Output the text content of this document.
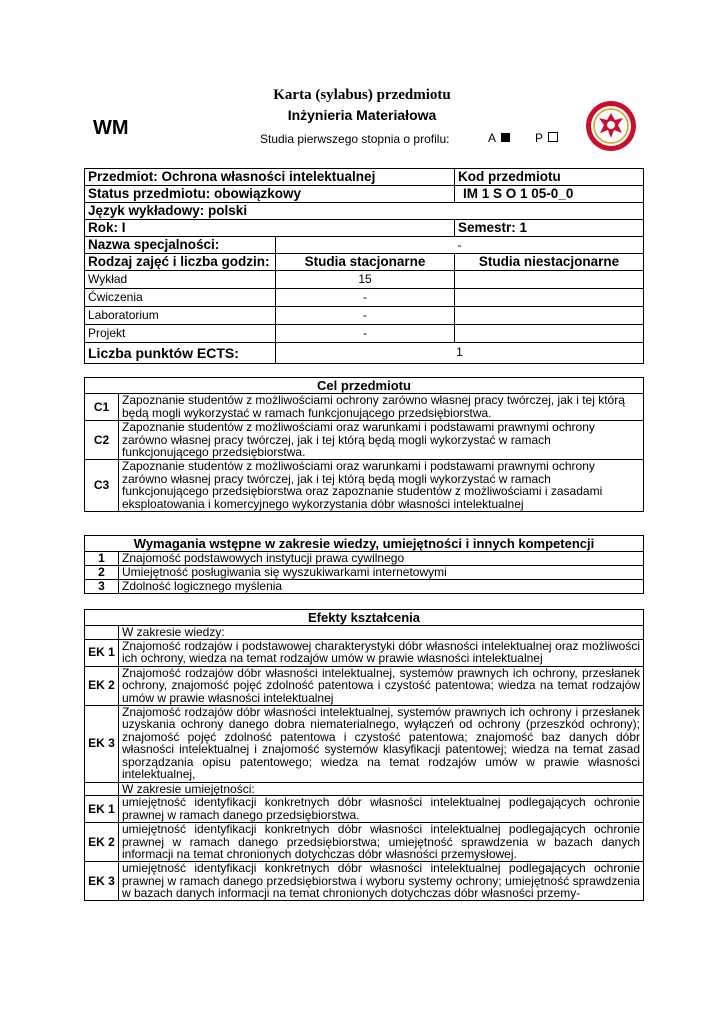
WM
Karta (sylabus) przedmiotu
Inżynieria Materiałowa
Studia pierwszego stopnia o profilu:	A	P
Przedmiot: Ochrona własności intelektualnej		Kod przedmiotu
Status przedmiotu: obowiązkowy		IM 1 S O 1 05-0_0
Język wykładowy: polski		
Rok: I		Semestr: 1
Nazwa specjalności:	-	
Rodzaj zajęć i liczba godzin:	Studia stacjonarne	Studia niestacjonarne
Wykład	15	
Ćwiczenia	-	
Laboratorium	-	
Projekt	-	
Liczba punktów ECTS:	1	
Cel przedmiotu	
C1	Zapoznanie studentów z możliwościami ochrony zarówno własnej pracy twórczej, jak i tej którą będą mogli wykorzystać w ramach funkcjonującego przedsiębiorstwa.
C2	Zapoznanie studentów z możliwościami oraz warunkami i podstawami prawnymi ochrony zarówno własnej pracy twórczej, jak i tej którą będą mogli wykorzystać w ramach funkcjonującego przedsiębiorstwa.
C3	Zapoznanie studentów z możliwościami oraz warunkami i podstawami prawnymi ochrony zarówno własnej pracy twórczej, jak i tej którą będą mogli wykorzystać w ramach funkcjonującego przedsiębiorstwa oraz zapoznanie studentów z możliwościami i zasadami eksploatowania i komercyjnego wykorzystania dóbr własności intelektualnej
Wymagania wstępne w zakresie wiedzy, umiejętności i innych kompetencji	
1	Znajomość podstawowych instytucji prawa cywilnego
2	Umiejętność posługiwania się wyszukiwarkami internetowymi
3	Zdolność logicznego myślenia
Efekty kształcenia	
	W zakresie wiedzy:
EK 1	Znajomość rodzajów i podstawowej charakterystyki dóbr własności intelektualnej oraz możliwości ich ochrony, wiedza na temat rodzajów umów w prawie własności intelektualnej
EK 2	Znajomość rodzajów dóbr własności intelektualnej, systemów prawnych ich ochrony, przesłanek ochrony, znajomość pojęć zdolność patentowa i czystość patentowa; wiedza na temat rodzajów umów w prawie własności intelektualnej
EK 3	Znajomość rodzajów dóbr własności intelektualnej, systemów prawnych ich ochrony i przesłanek uzyskania ochrony danego dobra niematerialnego, wyłączeń od ochrony (przeszkód ochrony); znajomość pojęć zdolność patentowa i czystość patentowa; znajomość baz danych dóbr własności intelektualnej i znajomość systemów klasyfikacji patentowej; wiedza na temat zasad sporządzania opisu patentowego; wiedza na temat rodzajów umów w prawie własności intelektualnej,
	W zakresie umiejętności:
EK 1	umiejętność identyfikacji konkretnych dóbr własności intelektualnej podlegających ochronie prawnej w ramach danego przedsiębiorstwa.
EK 2	umiejętność identyfikacji konkretnych dóbr własności intelektualnej podlegających ochronie prawnej w ramach danego przedsiębiorstwa; umiejętność sprawdzenia w bazach danych informacji na temat chronionych dotychczas dóbr własności przemysłowej.
EK 3	umiejętność identyfikacji konkretnych dóbr własności intelektualnej podlegających ochronie prawnej w ramach danego przedsiębiorstwa i wyboru systemy ochrony; umiejętność sprawdzenia w bazach danych informacji na temat chronionych dotychczas dóbr własności przemy-
